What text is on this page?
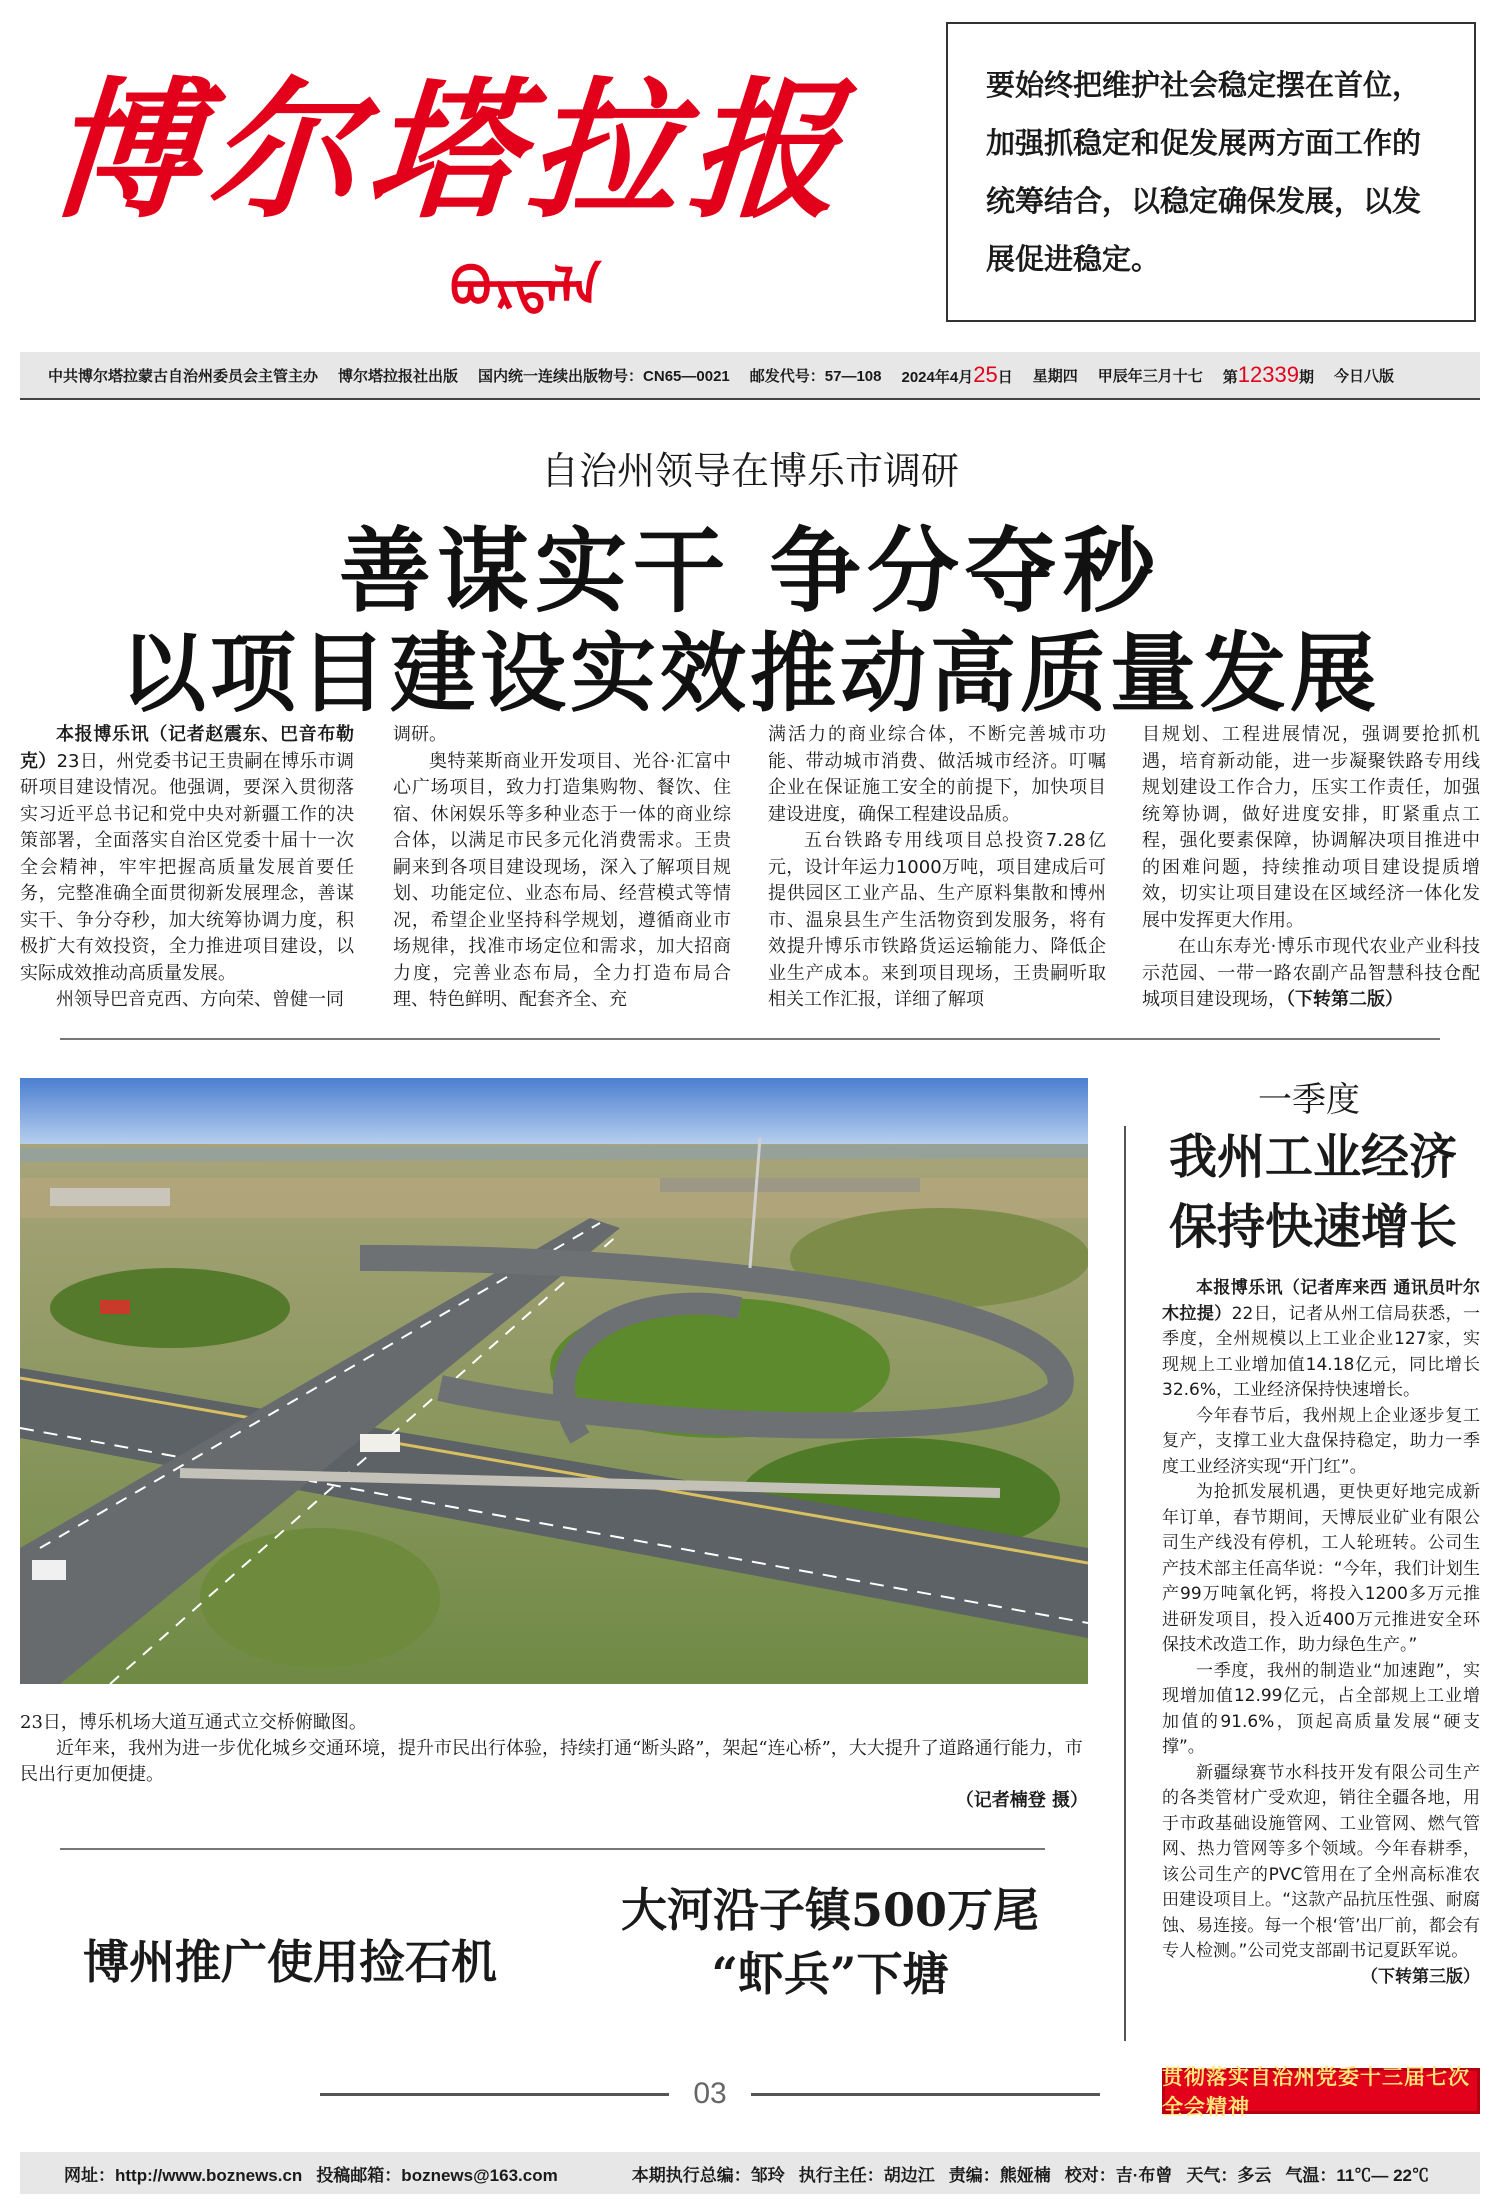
博尔塔拉报
ᠪᠣᠷᠲᠠᠯᠠ
要始终把维护社会稳定摆在首位，加强抓稳定和促发展两方面工作的统筹结合，以稳定确保发展，以发展促进稳定。
中共博尔塔拉蒙古自治州委员会主管主办 博尔塔拉报社出版 国内统一连续出版物号：CN65—0021 邮发代号：57—108 2024年4月25日 星期四 甲辰年三月十七 第12339期 今日八版
自治州领导在博乐市调研
善谋实干 争分夺秒
以项目建设实效推动高质量发展

本报博乐讯（记者赵震东、巴音布勒克）23日，州党委书记王贵嗣在博乐市调研项目建设情况。他强调，要深入贯彻落实习近平总书记和党中央对新疆工作的决策部署，全面落实自治区党委十届十一次全会精神，牢牢把握高质量发展首要任务，完整准确全面贯彻新发展理念，善谋实干、争分夺秒，加大统筹协调力度，积极扩大有效投资，全力推进项目建设，以实际成效推动高质量发展。

州领导巴音克西、方向荣、曾健一同

调研。

奥特莱斯商业开发项目、光谷·汇富中心广场项目，致力打造集购物、餐饮、住宿、休闲娱乐等多种业态于一体的商业综合体，以满足市民多元化消费需求。王贵嗣来到各项目建设现场，深入了解项目规划、功能定位、业态布局、经营模式等情况，希望企业坚持科学规划，遵循商业市场规律，找准市场定位和需求，加大招商力度，完善业态布局，全力打造布局合理、特色鲜明、配套齐全、充

满活力的商业综合体，不断完善城市功能、带动城市消费、做活城市经济。叮嘱企业在保证施工安全的前提下，加快项目建设进度，确保工程建设品质。

五台铁路专用线项目总投资7.28亿元，设计年运力1000万吨，项目建成后可提供园区工业产品、生产原料集散和博州市、温泉县生产生活物资到发服务，将有效提升博乐市铁路货运运输能力、降低企业生产成本。来到项目现场，王贵嗣听取相关工作汇报，详细了解项

目规划、工程进展情况，强调要抢抓机遇，培育新动能，进一步凝聚铁路专用线规划建设工作合力，压实工作责任，加强统筹协调，做好进度安排，盯紧重点工程，强化要素保障，协调解决项目推进中的困难问题，持续推动项目建设提质增效，切实让项目建设在区域经济一体化发展中发挥更大作用。

在山东寿光·博乐市现代农业产业科技示范园、一带一路农副产品智慧科技仓配城项目建设现场，（下转第二版）

23日，博乐机场大道互通式立交桥俯瞰图。

近年来，我州为进一步优化城乡交通环境，提升市民出行体验，持续打通“断头路”，架起“连心桥”，大大提升了道路通行能力，市民出行更加便捷。

（记者楠登 摄）

一季度
我州工业经济保持快速增长

本报博乐讯（记者库来西 通讯员叶尔木拉提）22日，记者从州工信局获悉，一季度，全州规模以上工业企业127家，实现规上工业增加值14.18亿元，同比增长32.6%，工业经济保持快速增长。

今年春节后，我州规上企业逐步复工复产，支撑工业大盘保持稳定，助力一季度工业经济实现“开门红”。

为抢抓发展机遇，更快更好地完成新年订单，春节期间，天博辰业矿业有限公司生产线没有停机，工人轮班转。公司生产技术部主任高华说：“今年，我们计划生产99万吨氧化钙，将投入1200多万元推进研发项目，投入近400万元推进安全环保技术改造工作，助力绿色生产。”

一季度，我州的制造业“加速跑”，实现增加值12.99亿元，占全部规上工业增加值的91.6%，顶起高质量发展“硬支撑”。

新疆绿赛节水科技开发有限公司生产的各类管材广受欢迎，销往全疆各地，用于市政基础设施管网、工业管网、燃气管网、热力管网等多个领域。今年春耕季，该公司生产的PVC管用在了全州高标准农田建设项目上。“这款产品抗压性强、耐腐蚀、易连接。每一个根‘管’出厂前，都会有专人检测。”公司党支部副书记夏跃军说。

（下转第三版）

博州推广使用捡石机
大河沿子镇500万尾
“虾兵”下塘
03	贯彻落实自治州党委十三届七次全会精神
网址：http://www.boznews.cn 投稿邮箱：boznews@163.com	本期执行总编：邹玲 执行主任：胡边江 责编：熊娅楠 校对：吉·布曾 天气：多云 气温：11℃— 22℃
